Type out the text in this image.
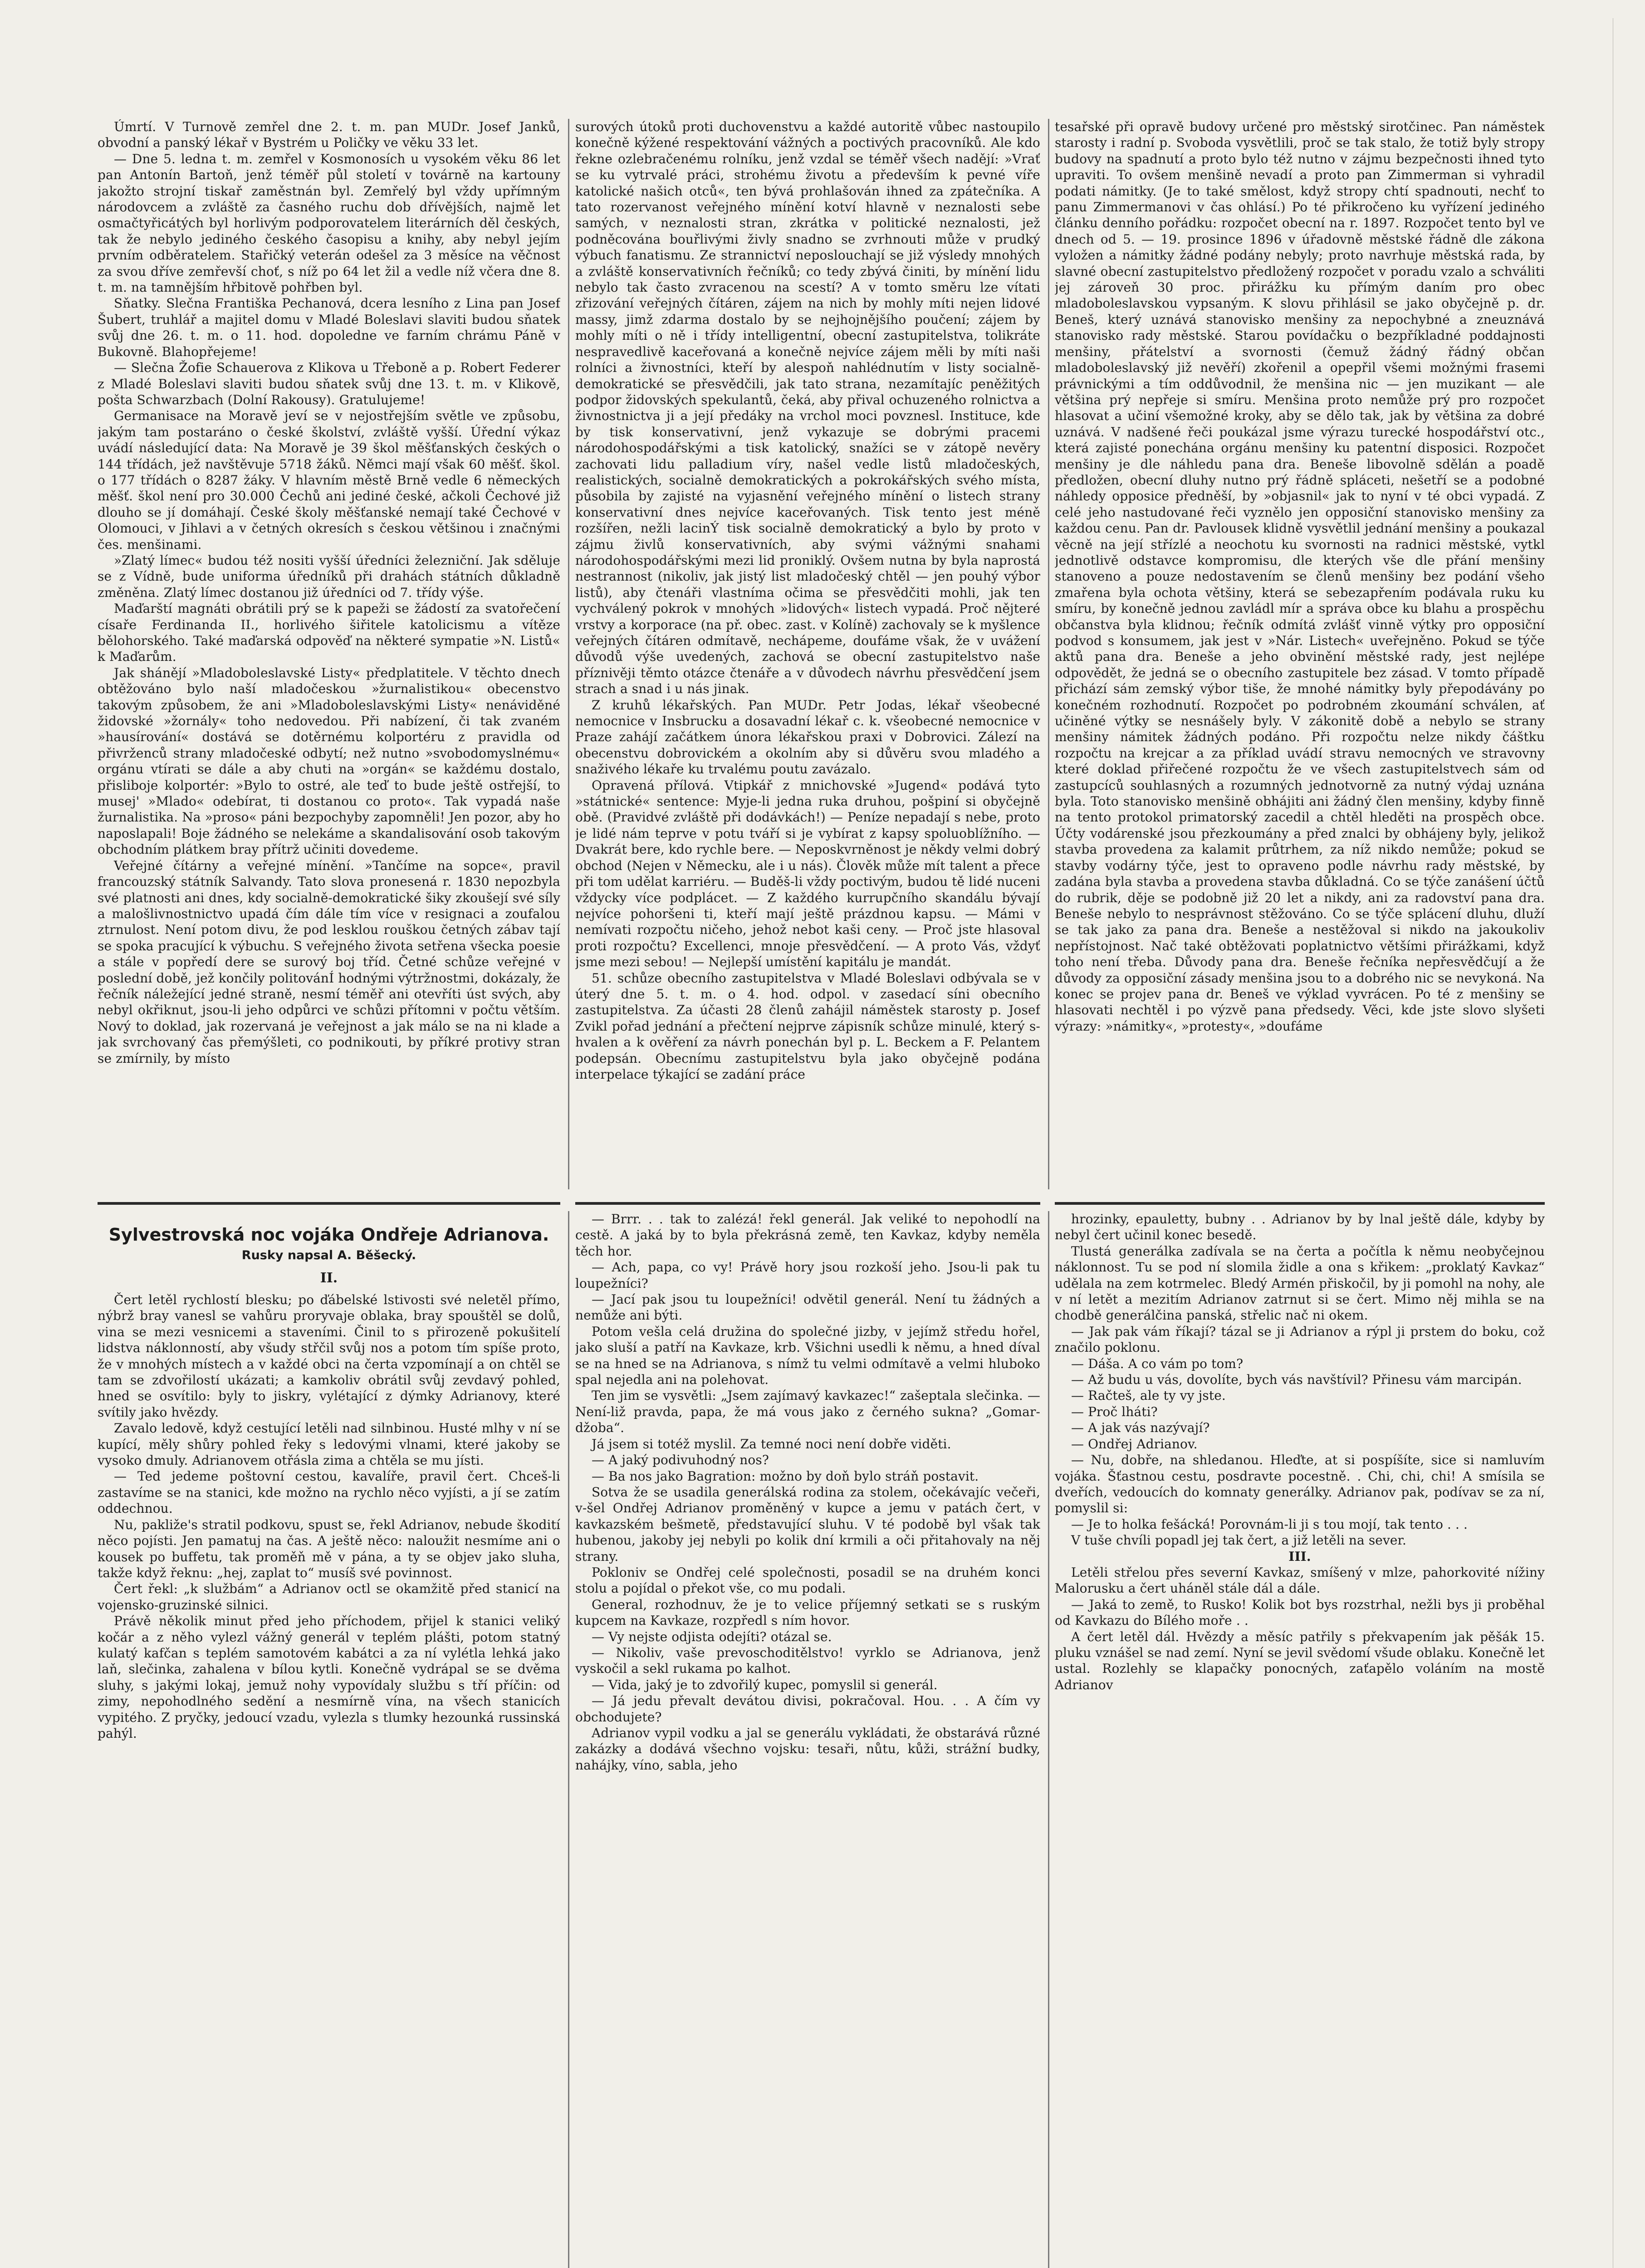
Úmrtí. V Turnově zemřel dne 2. t. m. pan MUDr. Josef Janků, obvodní a panský lékař v Bystrém u Poličky ve věku 33 let.

— Dne 5. ledna t. m. zemřel v Kosmonosích u vysokém věku 86 let pan Antonín Bartoň, jenž téměř půl století v továrně na kartouny jakožto strojní tiskař zaměstnán byl. Zemřelý byl vždy upřímným národovcem a zvláště za časného ruchu dob dřívějších, najmě let osmačtyřicátých byl horlivým podporovatelem literárních děl českých, tak že nebylo jediného českého časopisu a knihy, aby nebyl jejím prvním odběratelem. Stařičký veterán odešel za 3 měsíce na věčnost za svou dříve zemřevší choť, s níž po 64 let žil a vedle níž včera dne 8. t. m. na tamnějším hřbitově pohřben byl.

Sňatky. Slečna Františka Pechanová, dcera lesního z Lina pan Josef Šubert, truhlář a majitel domu v Mladé Boleslavi slaviti budou sňatek svůj dne 26. t. m. o 11. hod. dopoledne ve farním chrámu Páně v Bukovně. Blahopřejeme!

— Slečna Žofie Schauerova z Klikova u Třeboně a p. Robert Federer z Mladé Boleslavi slaviti budou sňatek svůj dne 13. t. m. v Klikově, pošta Schwarzbach (Dolní Rakousy). Gratulujeme!

Germanisace na Moravě jeví se v nejostřejším světle ve způsobu, jakým tam postaráno o české školství, zvláště vyšší. Úřední výkaz uvádí následující data: Na Moravě je 39 škol měšťanských českých o 144 třídách, jež navštěvuje 5718 žáků. Němci mají však 60 měšť. škol. o 177 třídách o 8287 žáky. V hlavním městě Brně vedle 6 německých měšť. škol není pro 30.000 Čechů ani jediné české, ačkoli Čechové již dlouho se jí domáhají. České školy měšťanské nemají také Čechové v Olomouci, v Jihlavi a v četných okresích s českou většinou i značnými čes. menšinami.

»Zlatý límec« budou též nositi vyšší úředníci železniční. Jak sděluje se z Vídně, bude uniforma úředníků při drahách státních důkladně změněna. Zlatý límec dostanou již úředníci od 7. třídy výše.

Maďarští magnáti obrátili prý se k papeži se žádostí za svatořečení císaře Ferdinanda II., horlivého šiřitele katolicismu a vítěze bělohorského. Také maďarská odpověď na některé sympatie »N. Listů« k Maďarům.

Jak shánějí »Mladoboleslavské Listy« předplatitele. V těchto dnech obtěžováno bylo naší mladočeskou »žurnalistikou« obecenstvo takovým způsobem, že ani »Mladoboleslavskými Listy« nenáviděné židovské »žornály« toho nedovedou. Při nabízení, či tak zvaném »hausírování« dostává se dotěrnému kolportéru z pravidla od přivrženců strany mladočeské odbytí; než nutno »svobodomyslnému« orgánu vtírati se dále a aby chuti na »orgán« se každému dostalo, přisliboje kolportér: »Bylo to ostré, ale teď to bude ještě ostřejší, to musej' »Mlado« odebírat, ti dostanou co proto«. Tak vypadá naše žurnalistika. Na »proso« páni bezpochyby zapomněli! Jen pozor, aby ho naposlapali! Boje žádného se nelekáme a skandalisování osob takovým obchodním plátkem bray přítrž učiniti dovedeme.

Veřejné čítárny a veřejné mínění. »Tančíme na sopce«, pravil francouzský státník Salvandy. Tato slova pronesená r. 1830 nepozbyla své platnosti ani dnes, kdy socialně-demokratické šiky zkoušejí své síly a malošlivnostnictvo upadá čím dále tím více v resignaci a zoufalou ztrnulost. Není potom divu, že pod lesklou rouškou četných zábav tají se spoka pracující k výbuchu. S veřejného života setřena všecka poesie a stále v popředí dere se surový boj tříd. Četné schůze veřejné v poslední době, jež končily politovánÍ hodnými výtržnostmi, dokázaly, že řečník náležející jedné straně, nesmí téměř ani otevříti úst svých, aby nebyl okřiknut, jsou-li jeho odpůrci ve schůzi přítomni v počtu větším. Nový to doklad, jak rozervaná je veřejnost a jak málo se na ni klade a jak svrchovaný čas přemýšleti, co podnikouti, by příkré protivy stran se zmírnily, by místo

surových útoků proti duchovenstvu a každé autoritě vůbec nastoupilo konečně kýžené respektování vážných a poctivých pracovníků. Ale kdo řekne ozlebračenému rolníku, jenž vzdal se téměř všech nadějí: »Vrať se ku vytrvalé práci, strohému životu a především k pevné víře katolické našich otců«, ten bývá prohlašován ihned za zpátečníka. A tato rozervanost veřejného mínění kotví hlavně v neznalosti sebe samých, v neznalosti stran, zkrátka v politické neznalosti, jež podněcována bouřlivými živly snadno se zvrhnouti může v prudký výbuch fanatismu. Ze strannictví neposlouchají se již výsledy mnohých a zvláště konservativních řečníků; co tedy zbývá činiti, by mínění lidu nebylo tak často zvracenou na scestí? A v tomto směru lze vítati zřizování veřejných čítáren, zájem na nich by mohly míti nejen lidové massy, jimž zdarma dostalo by se nejhojnějšího poučení; zájem by mohly míti o ně i třídy intelligentní, obecní zastupitelstva, tolikráte nespravedlivě kaceřovaná a konečně nejvíce zájem měli by míti naši rolníci a živnostníci, kteří by alespoň nahlédnutím v listy socialně-demokratické se přesvědčili, jak tato strana, nezamítajíc peněžitých podpor židovských spekulantů, čeká, aby přival ochuzeného rolnictva a živnostnictva ji a její předáky na vrchol moci povznesl. Instituce, kde by tisk konservativní, jenž vykazuje se dobrými pracemi národohospodářskými a tisk katolický, snažíci se v zátopě nevěry zachovati lidu palladium víry, našel vedle listů mladočeských, realistických, socialně demokratických a pokrokářských svého místa, působila by zajisté na vyjasnění veřejného mínění o listech strany konservativní dnes nejvíce kaceřovaných. Tisk tento jest méně rozšířen, nežli lacinÝ tisk socialně demokratický a bylo by proto v zájmu živlů konservativních, aby svými vážnými snahami národohospodářskými mezi lid proniklý. Ovšem nutna by byla naprostá nestrannost (nikoliv, jak jistý list mladočeský chtěl — jen pouhý výbor listů), aby čtenáři vlastníma očima se přesvědčiti mohli, jak ten vychválený pokrok v mnohých »lidových« listech vypadá. Proč nějteré vrstvy a korporace (na př. obec. zast. v Kolíně) zachovaly se k myšlence veřejných čítáren odmítavě, nechápeme, doufáme však, že v uvážení důvodů výše uvedených, zachová se obecní zastupitelstvo naše příznivěji těmto otázce čtenáře a v důvodech návrhu přesvědčení jsem strach a snad i u nás jinak.

Z kruhů lékařských. Pan MUDr. Petr Jodas, lékař všeobecné nemocnice v Insbrucku a dosavadní lékař c. k. všeobecné nemocnice v Praze zahájí začátkem února lékařskou praxi v Dobrovici. Zálezí na obecenstvu dobrovickém a okolním aby si důvěru svou mladého a snaživého lékaře ku trvalému poutu zavázalo.

Opravená přílová. Vtipkář z mnichovské »Jugend« podává tyto »státnické« sentence: Myje-li jedna ruka druhou, pošpiní si obyčejně obě. (Pravidvé zvláště při dodávkách!) — Peníze nepadají s nebe, proto je lidé nám teprve v potu tváří si je vybírat z kapsy spoluoblížního. — Dvakrát bere, kdo rychle bere. — Neposkvrněnost je někdy velmi dobrý obchod (Nejen v Německu, ale i u nás). Člověk může mít talent a přece při tom udělat karriéru. — Buděš-li vždy poctivým, budou tě lidé nuceni vždycky více podplácet. — Z každého kurrupčního skandálu bývají nejvíce pohoršeni ti, kteří mají ještě prázdnou kapsu. — Mámi v nemívati rozpočtu ničeho, jehož nebot kaši ceny. — Proč jste hlasoval proti rozpočtu? Excellenci, mnoje přesvědčení. — A proto Vás, vždyť jsme mezi sebou! — Nejlepší umístění kapitálu je mandát.

51. schůze obecního zastupitelstva v Mladé Boleslavi odbývala se v úterý dne 5. t. m. o 4. hod. odpol. v zasedací síni obecního zastupitelstva. Za účasti 28 členů zahájil náměstek starosty p. Josef Zvikl pořad jednání a přečtení nejprve zápisník schůze minulé, který s-hvalen a k ověření za návrh ponechán byl p. L. Beckem a F. Pelantem podepsán. Obecnímu zastupitelstvu byla jako obyčejně podána interpelace týkající se zadání práce

tesařské při opravě budovy určené pro městský sirotčinec. Pan náměstek starosty i radní p. Svoboda vysvětlili, proč se tak stalo, že totiž byly stropy budovy na spadnutí a proto bylo též nutno v zájmu bezpečnosti ihned tyto upraviti. To ovšem menšině nevadí a proto pan Zimmerman si vyhradil podati námitky. (Je to také smělost, když stropy chtí spadnouti, nechť to panu Zimmermanovi v čas ohlásí.) Po té přikročeno ku vyřízení jediného článku denního pořádku: rozpočet obecní na r. 1897. Rozpočet tento byl ve dnech od 5. — 19. prosince 1896 v úřadovně městské řádně dle zákona vyložen a námitky žádné podány nebyly; proto navrhuje městská rada, by slavné obecní zastupitelstvo předložený rozpočet v poradu vzalo a schváliti jej zároveň 30 proc. přirážku ku přímým daním pro obec mladoboleslavskou vypsaným. K slovu přihlásil se jako obyčejně p. dr. Beneš, který uznává stanovisko menšiny za nepochybné a zneuznává stanovisko rady městské. Starou povídačku o bezpříkladné poddajnosti menšiny, přátelství a svornosti (čemuž žádný řádný občan mladoboleslavský již nevěří) zkořenil a opepřil všemi možnými frasemi právnickými a tím oddůvodnil, že menšina nic — jen muzikant — ale většina prý nepřeje si smíru. Menšina proto nemůže prý pro rozpočet hlasovat a učiní všemožné kroky, aby se dělo tak, jak by většina za dobré uznává. V nadšené řeči poukázal jsme výrazu turecké hospodářství otc., která zajisté ponechána orgánu menšiny ku patentní disposici. Rozpočet menšiny je dle náhledu pana dra. Beneše libovolně sdělán a poadě předložen, obecní dluhy nutno prý řádně spláceti, nešetří se a podobné náhledy opposice předněší, by »objasnil« jak to nyní v té obci vypadá. Z celé jeho nastudované řeči vyznělo jen opposiční stanovisko menšiny za každou cenu. Pan dr. Pavlousek klidně vysvětlil jednání menšiny a poukazal věcně na její střízlé a neochotu ku svornosti na radnici městské, vytkl jednotlivě odstavce kompromisu, dle kterých vše dle přání menšiny stanoveno a pouze nedostavením se členů menšiny bez podání všeho zmařena byla ochota většiny, která se sebezapřením podávala ruku ku smíru, by konečně jednou zavládl mír a správa obce ku blahu a prospěchu občanstva byla klidnou; řečník odmítá zvlášť vinně výtky pro opposiční podvod s konsumem, jak jest v »Nár. Listech« uveřejněno. Pokud se týče aktů pana dra. Beneše a jeho obvinění městské rady, jest nejlépe odpovědět, že jedná se o obecního zastupitele bez zásad. V tomto případě přichází sám zemský výbor tiše, že mnohé námitky byly přepodávány po konečném rozhodnutí. Rozpočet po podrobném zkoumání schválen, ať učiněné výtky se nesnášely byly. V zákonitě době a nebylo se strany menšiny námitek žádných podáno. Při rozpočtu nelze nikdy čáštku rozpočtu na krejcar a za příklad uvádí stravu nemocných ve stravovny které doklad přiřečené rozpočtu že ve všech zastupitelstvech sám od zastupcíců souhlasných a rozumných jednotvorně za nutný výdaj uznána byla. Toto stanovisko menšině obhájiti ani žádný člen menšiny, kdyby finně na tento protokol primatorský zacedil a chtěl hleděti na prospěch obce. Účty vodárenské jsou přezkoumány a před znalci by obhájeny byly, jelikož stavba provedena za kalamit průtrhem, za níž nikdo nemůže; pokud se stavby vodárny týče, jest to opraveno podle návrhu rady městské, by zadána byla stavba a provedena stavba důkladná. Co se týče zanášení účtů do rubrik, děje se podobně již 20 let a nikdy, ani za radovství pana dra. Beneše nebylo to nesprávnost stěžováno. Co se týče splácení dluhu, dluží se tak jako za pana dra. Beneše a nestěžoval si nikdo na jakoukoliv nepřístojnost. Nač také obtěžovati poplatnictvo většími přirážkami, když toho není třeba. Důvody pana dra. Beneše řečníka nepřesvědčují a že důvody za opposiční zásady menšina jsou to a dobrého nic se nevykoná. Na konec se projev pana dr. Beneš ve výklad vyvrácen. Po té z menšiny se hlasovati nechtěl i po výzvě pana předsedy. Věci, kde jste slovo slyšeti výrazy: »námitky«, »protesty«, »doufáme

Sylvestrovská noc vojáka Ondřeje Adrianova.
Rusky napsal A. Běšecký.
II.

Čert letěl rychlostí blesku; po ďábelské lstivosti své neletěl přímo, nýbrž bray vanesl se vahůru proryvaje oblaka, bray spouštěl se dolů, vina se mezi vesnicemi a staveními. Činil to s přirozeně pokušitelí lidstva náklonností, aby všudy střčil svůj nos a potom tím spíše proto, že v mnohých místech a v každé obci na čerta vzpomínají a on chtěl se tam se zdvořilostí ukázati; a kamkoliv obrátil svůj zevdavý pohled, hned se osvítilo: byly to jiskry, vylétající z dýmky Adrianovy, které svítily jako hvězdy.

Zavalo ledově, když cestující letěli nad silnbinou. Husté mlhy v ní se kupící, měly shůry pohled řeky s ledovými vlnami, které jakoby se vysoko dmuly. Adrianovem otřásla zima a chtěla se mu jísti.

— Ted jedeme poštovní cestou, kavalíře, pravil čert. Chceš-li zastavíme se na stanici, kde možno na rychlo něco vyjísti, a jí se zatím oddechnou.

Nu, pakliže's stratil podkovu, spust se, řekl Adrianov, nebude škodití něco pojísti. Jen pamatuj na čas. A ještě něco: naloužit nesmíme ani o kousek po buffetu, tak proměň mě v pána, a ty se objev jako sluha, takže když řeknu: „hej, zaplat to“ musíš své povinnost.

Čert řekl: „k službám“ a Adrianov octl se okamžitě před stanicí na vojensko-gruzinské silnici.

Právě několik minut před jeho příchodem, přijel k stanici veliký kočár a z něho vylezl vážný generál v teplém plášti, potom statný kulatý kafčan s teplém samotovém kabátci a za ní vylétla lehká jako laň, slečinka, zahalena v bílou kytli. Konečně vydrápal se se dvěma sluhy, s jakými lokaj, jemuž nohy vypovídaly službu s tří příčin: od zimy, nepohodlného sedění a nesmírně vína, na všech stanicích vypitého. Z pryčky, jedoucí vzadu, vylezla s tlumky hezounká russinská pahýl.

— Brrr. . . tak to zalézá! řekl generál. Jak veliké to nepohodlí na cestě. A jaká by to byla překrásná země, ten Kavkaz, kdyby neměla těch hor.

— Ach, papa, co vy! Právě hory jsou rozkoší jeho. Jsou-li pak tu loupežníci?

— Jací pak jsou tu loupežníci! odvětil generál. Není tu žádných a nemůže ani býti.

Potom vešla celá družina do společné jizby, v jejímž středu hořel, jako sluší a patří na Kavkaze, krb. Všichni usedli k němu, a hned díval se na hned se na Adrianova, s nímž tu velmi odmítavě a velmi hluboko spal nejedla ani na polehovat.

Ten jim se vysvětli: „Jsem zajímavý kavkazec!“ zašeptala slečinka. — Není-liž pravda, papa, že má vous jako z černého sukna? „Gomar-džoba“.

Já jsem si totéž myslil. Za temné noci není dobře viděti.

— A jaký podivuhodný nos?

— Ba nos jako Bagration: možno by doň bylo stráň postavit.

Sotva že se usadila generálská rodina za stolem, očekávajíc večeři, v-šel Ondřej Adrianov proměněný v kupce a jemu v patách čert, v kavkazském bešmetě, představující sluhu. V té podobě byl však tak hubenou, jakoby jej nebyli po kolik dní krmili a oči přitahovaly na něj strany.

Pokloniv se Ondřej celé společnosti, posadil se na druhém konci stolu a pojídal o překot vše, co mu podali.

General, rozhodnuv, že je to velice příjemný setkati se s ruským kupcem na Kavkaze, rozpředl s ním hovor.

— Vy nejste odjista odejíti? otázal se.

— Nikoliv, vaše prevoschoditělstvo! vyrklo se Adrianova, jenž vyskočil a sekl rukama po kalhot.

— Vida, jaký je to zdvořilý kupec, pomyslil si generál.

— Já jedu převalt devátou divisi, pokračoval. Hou. . . A čím vy obchodujete?

Adrianov vypil vodku a jal se generálu vykládati, že obstarává různé zakázky a dodává všechno vojsku: tesaři, nůtu, kůži, strážní budky, nahájky, víno, sabla, jeho

hrozinky, epauletty, bubny . . Adrianov by by lnal ještě dále, kdyby by nebyl čert učinil konec besedě.

Tlustá generálka zadívala se na čerta a počítla k němu neobyčejnou náklonnost. Tu se pod ní slomila židle a ona s křikem: „proklatý Kavkaz“ udělala na zem kotrmelec. Bledý Armén přiskočil, by ji pomohl na nohy, ale v ní letět a mezitím Adrianov zatrnut si se čert. Mimo něj mihla se na chodbě generálčina panská, střelic nač ni okem.

— Jak pak vám říkají? tázal se ji Adrianov a rýpl ji prstem do boku, což značilo poklonu.

— Dáša. A co vám po tom?

— Až budu u vás, dovolíte, bych vás navštívil? Přinesu vám marcipán.

— Račteš, ale ty vy jste.

— Proč lháti?

— A jak vás nazývají?

— Ondřej Adrianov.

— Nu, dobře, na shledanou. Hleďte, at si pospíšíte, sice si namluvím vojáka. Šťastnou cestu, posdravte pocestně. . Chi, chi, chi! A smísila se dveřích, vedoucích do komnaty generálky. Adrianov pak, podívav se za ní, pomyslil si:

— Je to holka fešácká! Porovnám-li ji s tou mojí, tak tento . . .

V tuše chvíli popadl jej tak čert, a již letěli na sever.

III.

Letěli střelou přes severní Kavkaz, smíšený v mlze, pahorkovité nížiny Malorusku a čert uháněl stále dál a dále.

— Jaká to země, to Rusko! Kolik bot bys rozstrhal, nežli bys ji proběhal od Kavkazu do Bílého moře . .

A čert letěl dál. Hvězdy a měsíc patřily s překvapením jak pěšák 15. pluku vznášel se nad zemí. Nyní se jevil svědomí všude oblaku. Konečně let ustal. Rozlehly se klapačky ponocných, zaťapělo voláním na mostě Adrianov
